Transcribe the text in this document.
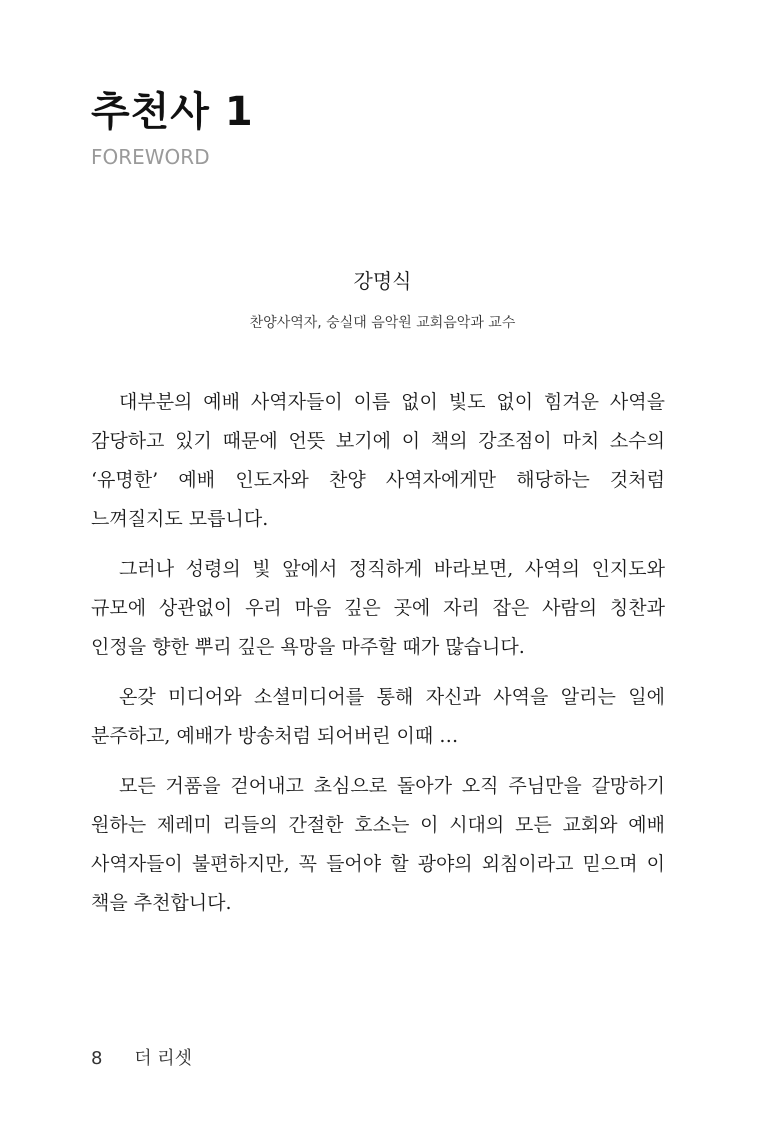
추천사 1
FOREWORD
강명식
찬양사역자, 숭실대 음악원 교회음악과 교수

대부분의 예배 사역자들이 이름 없이 빛도 없이 힘겨운 사역을 감당하고 있기 때문에 언뜻 보기에 이 책의 강조점이 마치 소수의 ‘유명한’ 예배 인도자와 찬양 사역자에게만 해당하는 것처럼 느껴질지도 모릅니다.

그러나 성령의 빛 앞에서 정직하게 바라보면, 사역의 인지도와 규모에 상관없이 우리 마음 깊은 곳에 자리 잡은 사람의 칭찬과 인정을 향한 뿌리 깊은 욕망을 마주할 때가 많습니다.

온갖 미디어와 소셜미디어를 통해 자신과 사역을 알리는 일에 분주하고, 예배가 방송처럼 되어버린 이때 …

모든 거품을 걷어내고 초심으로 돌아가 오직 주님만을 갈망하기 원하는 제레미 리들의 간절한 호소는 이 시대의 모든 교회와 예배 사역자들이 불편하지만, 꼭 들어야 할 광야의 외침이라고 믿으며 이 책을 추천합니다.

8 더 리셋
